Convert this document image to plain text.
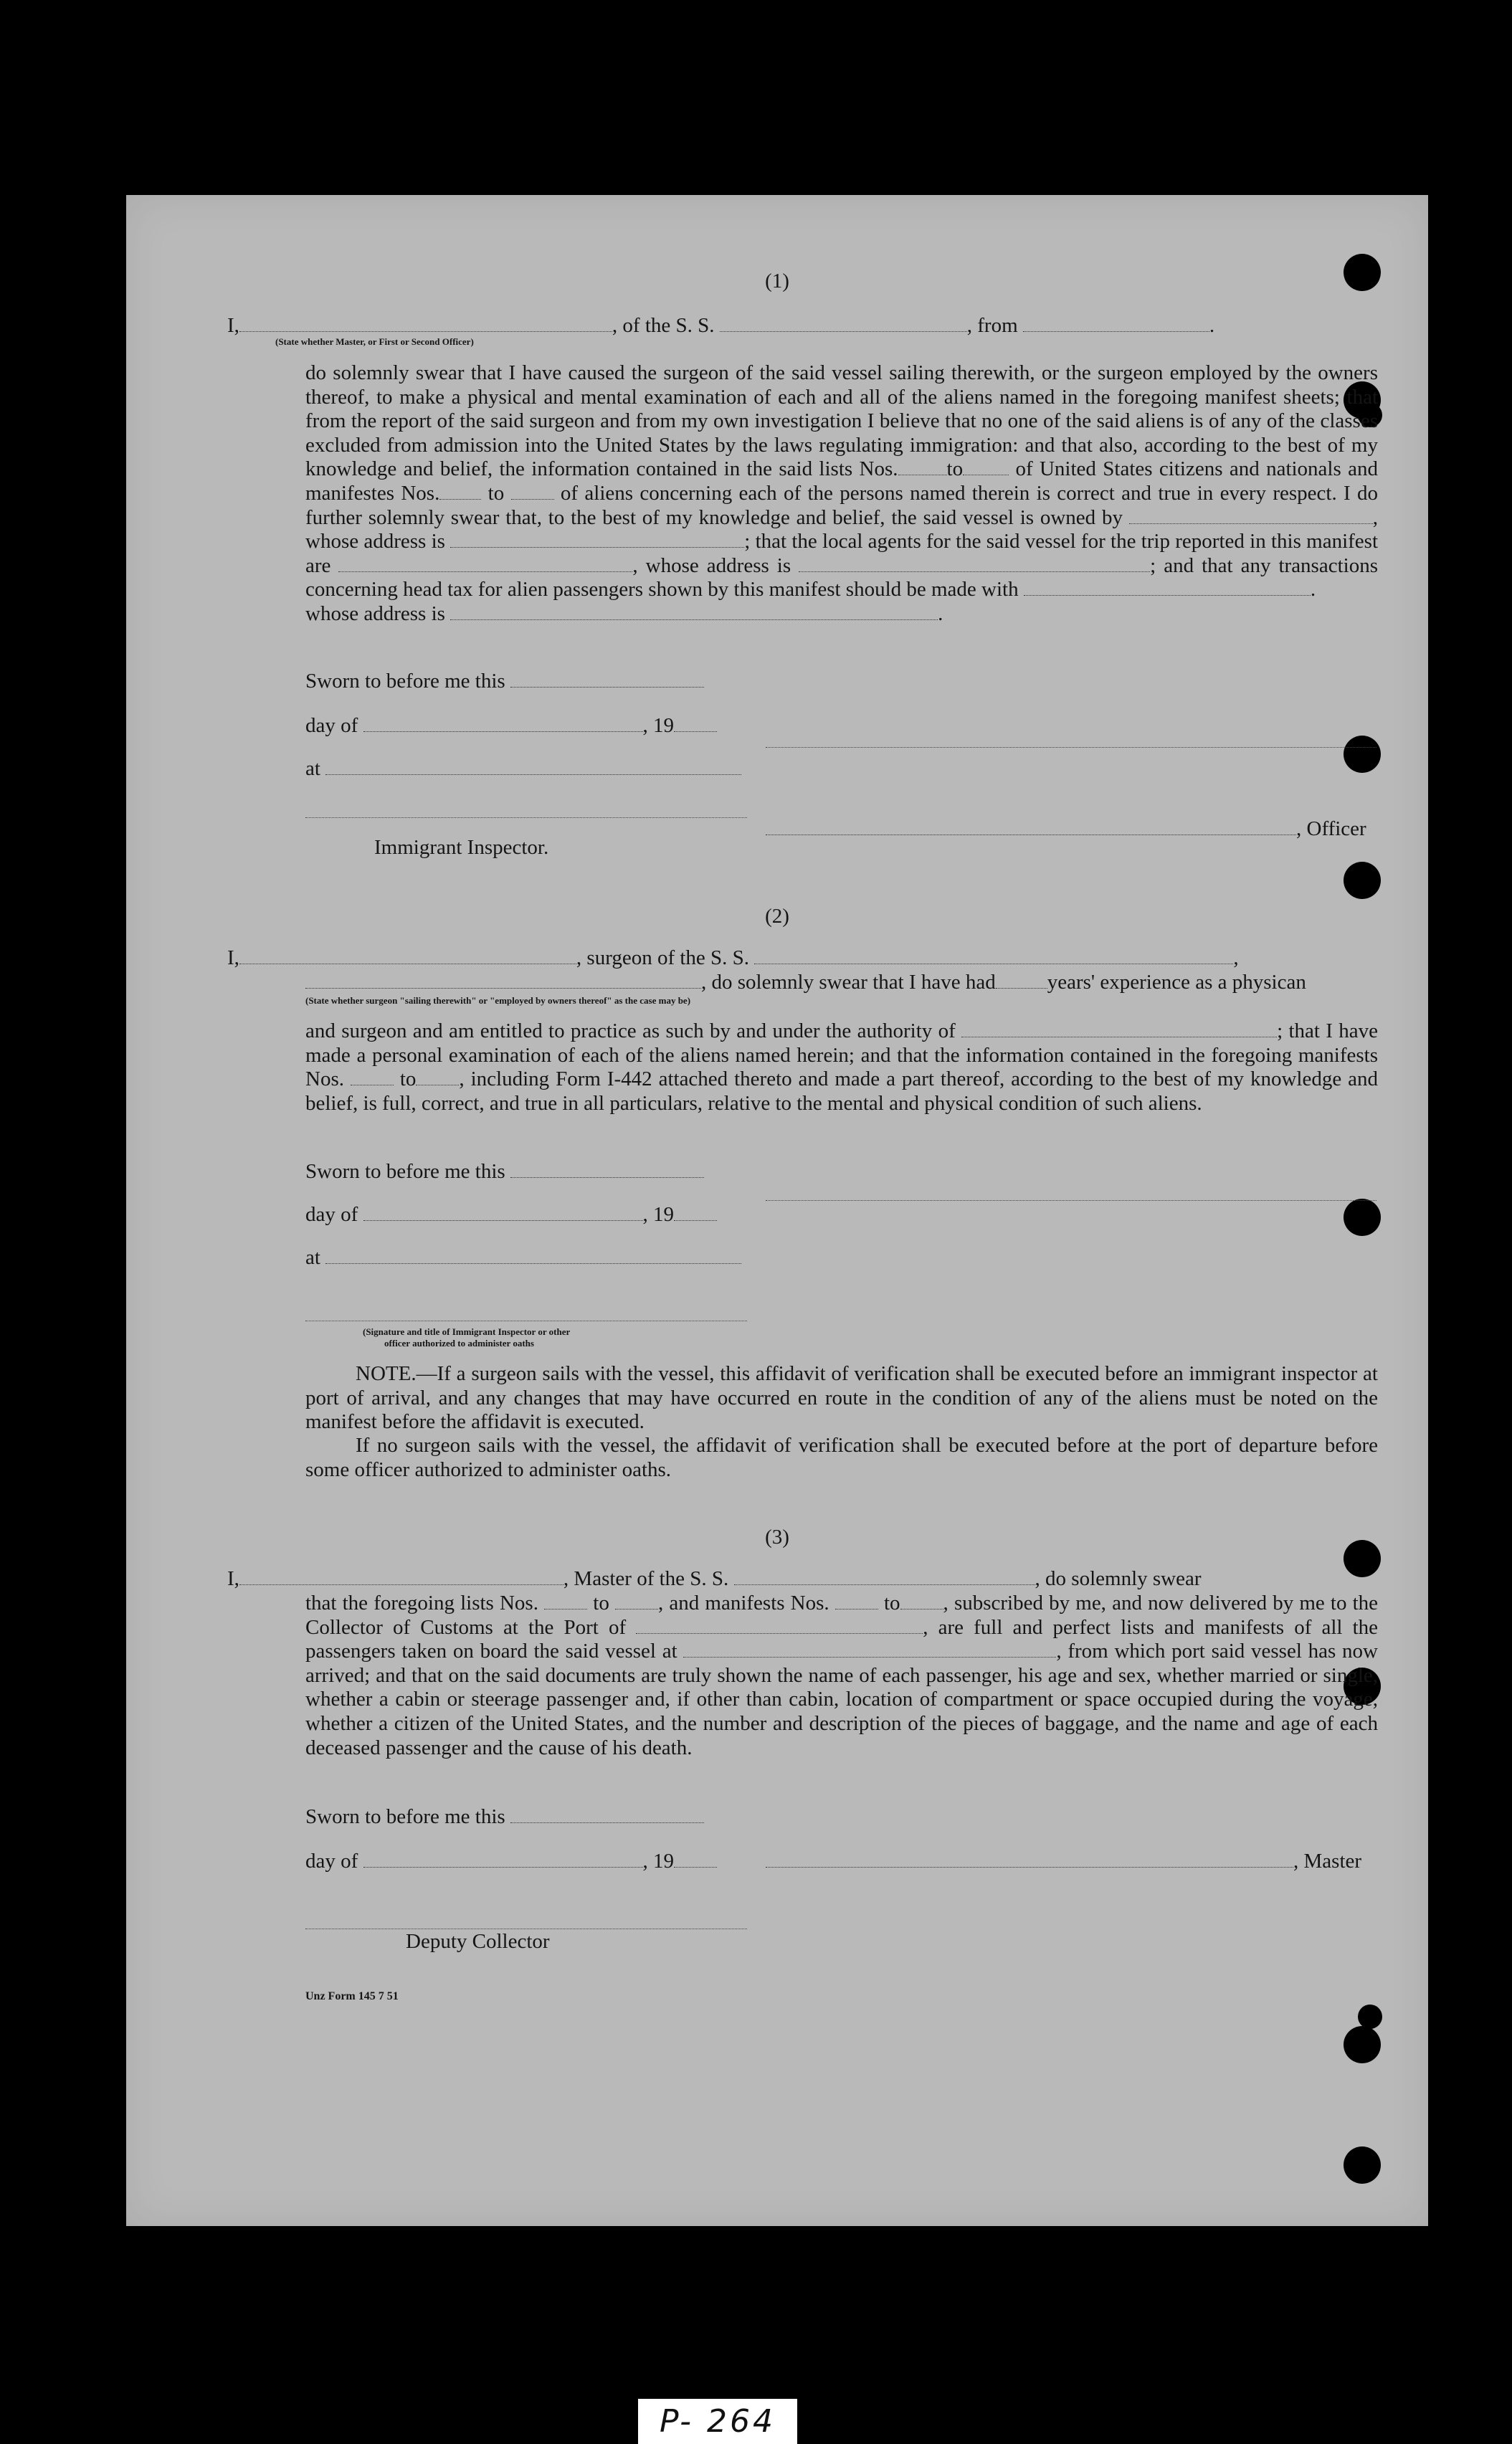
(1)
I,	, of the S. S.	, from	.
(State whether Master, or First or Second Officer)
do solemnly swear that I have caused the surgeon of the said vessel sailing therewith, or the surgeon employed by the owners thereof, to make a physical and mental examination of each and all of the aliens named in the foregoing manifest sheets; that from the report of the said surgeon and from my own investigation I believe that no one of the said aliens is of any of the classes excluded from admission into the United States by the laws regulating immigration: and that also, according to the best of my knowledge and belief, the information contained in the said lists Nos. to	of United States citizens and nationals and manifestes Nos. to	of aliens concerning each of the persons named therein is correct and true in every respect. I do further solemnly swear that, to the best of my knowledge and belief, the said vessel is owned by	, whose address is	; that the local agents for the said vessel for the trip reported in this manifest are	, whose address is	; and that any transactions concerning head tax for alien passengers shown by this manifest should be made with	.
whose address is	.
Sworn to before me this
day of	, 19
at
, Officer
Immigrant Inspector.
(2)
I,	, surgeon of the S. S.	,
, do solemnly swear that I have had years' experience as a physican
(State whether surgeon "sailing therewith" or "employed by owners thereof" as the case may be)
and surgeon and am entitled to practice as such by and under the authority of	; that I have made a personal examination of each of the aliens named herein; and that the information contained in the foregoing manifests Nos.	to , including Form I-442 attached thereto and made a part thereof, according to the best of my knowledge and belief, is full, correct, and true in all particulars, relative to the mental and physical condition of such aliens.
Sworn to before me this
day of	, 19
at
(Signature and title of Immigrant Inspector or other
officer authorized to administer oaths
NOTE.—If a surgeon sails with the vessel, this affidavit of verification shall be executed before an immigrant inspector at port of arrival, and any changes that may have occurred en route in the condition of any of the aliens must be noted on the manifest before the affidavit is executed.
If no surgeon sails with the vessel, the affidavit of verification shall be executed before at the port of departure before some officer authorized to administer oaths.
(3)
I,	, Master of the S. S.	, do solemnly swear
that the foregoing lists Nos.	to , and manifests Nos.	to , subscribed by me, and now delivered by me to the Collector of Customs at the Port of	, are full and perfect lists and manifests of all the passengers taken on board the said vessel at	, from which port said vessel has now arrived; and that on the said documents are truly shown the name of each passenger, his age and sex, whether married or single, whether a cabin or steerage passenger and, if other than cabin, location of compartment or space occupied during the voyage, whether a citizen of the United States, and the number and description of the pieces of baggage, and the name and age of each deceased passenger and the cause of his death.
Sworn to before me this
day of	, 19	, Master
Deputy Collector
Unz Form 145 7 51
P- 264
